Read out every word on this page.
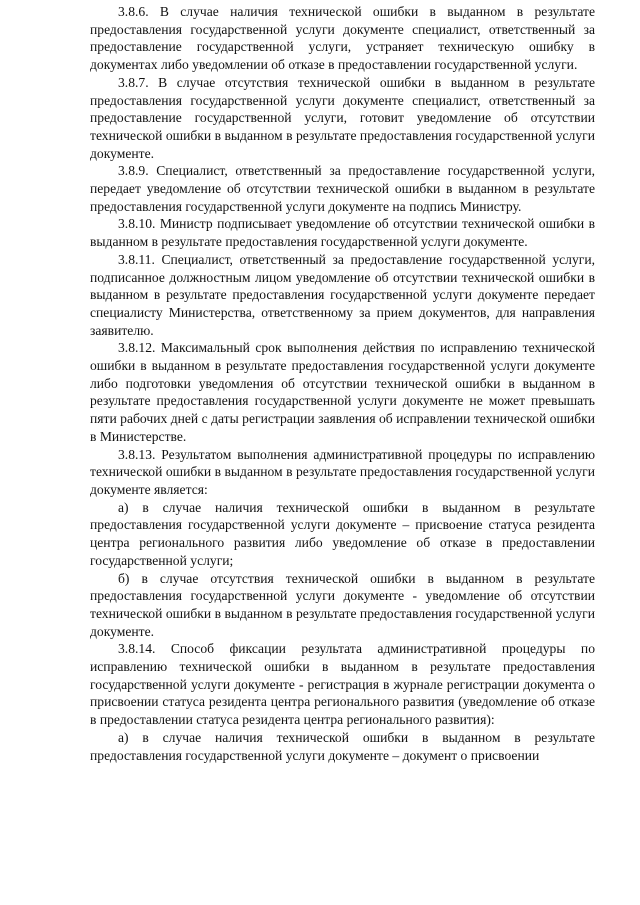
3.8.6. В случае наличия технической ошибки в выданном в результате предоставления государственной услуги документе специалист, ответственный за предоставление государственной услуги, устраняет техническую ошибку в документах либо уведомлении об отказе в предоставлении государственной услуги.

3.8.7. В случае отсутствия технической ошибки в выданном в результате предоставления государственной услуги документе специалист, ответственный за предоставление государственной услуги, готовит уведомление об отсутствии технической ошибки в выданном в результате предоставления государственной услуги документе.

3.8.9. Специалист, ответственный за предоставление государственной услуги, передает уведомление об отсутствии технической ошибки в выданном в результате предоставления государственной услуги документе на подпись Министру.

3.8.10. Министр подписывает уведомление об отсутствии технической ошибки в выданном в результате предоставления государственной услуги документе.

3.8.11. Специалист, ответственный за предоставление государственной услуги, подписанное должностным лицом уведомление об отсутствии технической ошибки в выданном в результате предоставления государственной услуги документе передает специалисту Министерства, ответственному за прием документов, для направления заявителю.

3.8.12. Максимальный срок выполнения действия по исправлению технической ошибки в выданном в результате предоставления государственной услуги документе либо подготовки уведомления об отсутствии технической ошибки в выданном в результате предоставления государственной услуги документе не может превышать пяти рабочих дней с даты регистрации заявления об исправлении технической ошибки в Министерстве.

3.8.13. Результатом выполнения административной процедуры по исправлению технической ошибки в выданном в результате предоставления государственной услуги документе является:

а) в случае наличия технической ошибки в выданном в результате предоставления государственной услуги документе – присвоение статуса резидента центра регионального развития либо уведомление об отказе в предоставлении государственной услуги;

б) в случае отсутствия технической ошибки в выданном в результате предоставления государственной услуги документе - уведомление об отсутствии технической ошибки в выданном в результате предоставления государственной услуги документе.

3.8.14. Способ фиксации результата административной процедуры по исправлению технической ошибки в выданном в результате предоставления государственной услуги документе - регистрация в журнале регистрации документа о присвоении статуса резидента центра регионального развития (уведомление об отказе в предоставлении статуса резидента центра регионального развития):

а) в случае наличия технической ошибки в выданном в результате предоставления государственной услуги документе – документ о присвоении
